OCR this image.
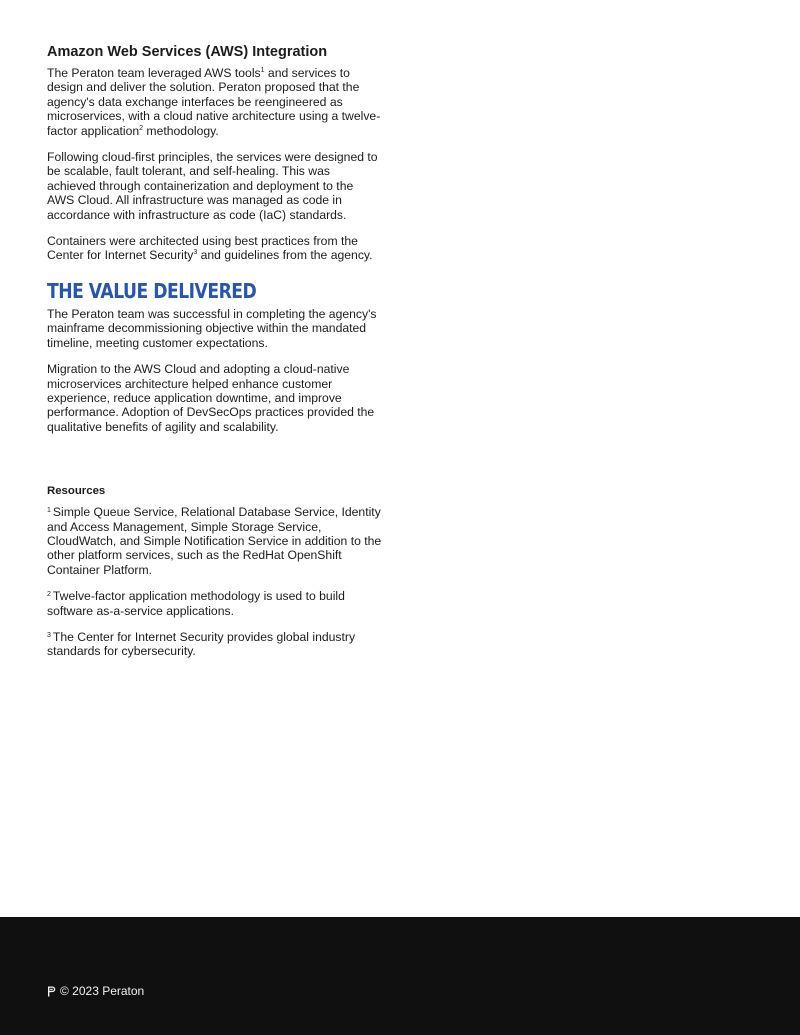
Amazon Web Services (AWS) Integration

The Peraton team leveraged AWS tools$^1$ and services to design and deliver the solution. Peraton proposed that the agency's data exchange interfaces be reengineered as microservices, with a cloud native architecture using a twelve-factor application$^2$ methodology.

Following cloud-first principles, the services were designed to be scalable, fault tolerant, and self-healing. This was achieved through containerization and deployment to the AWS Cloud. All infrastructure was managed as code in accordance with infrastructure as code (IaC) standards.

Containers were architected using best practices from the Center for Internet Security$^3$ and guidelines from the agency.

THE VALUE DELIVERED

The Peraton team was successful in completing the agency's mainframe decommissioning objective within the mandated timeline, meeting customer expectations.

Migration to the AWS Cloud and adopting a cloud-native microservices architecture helped enhance customer experience, reduce application downtime, and improve performance. Adoption of DevSecOps practices provided the qualitative benefits of agility and scalability.

Resources

$^1$ Simple Queue Service, Relational Database Service, Identity and Access Management, Simple Storage Service, CloudWatch, and Simple Notification Service in addition to the other platform services, such as the RedHat OpenShift Container Platform.

$^2$ Twelve-factor application methodology is used to build software as-a-service applications.

$^3$ The Center for Internet Security provides global industry standards for cybersecurity.

© 2023 Peraton
